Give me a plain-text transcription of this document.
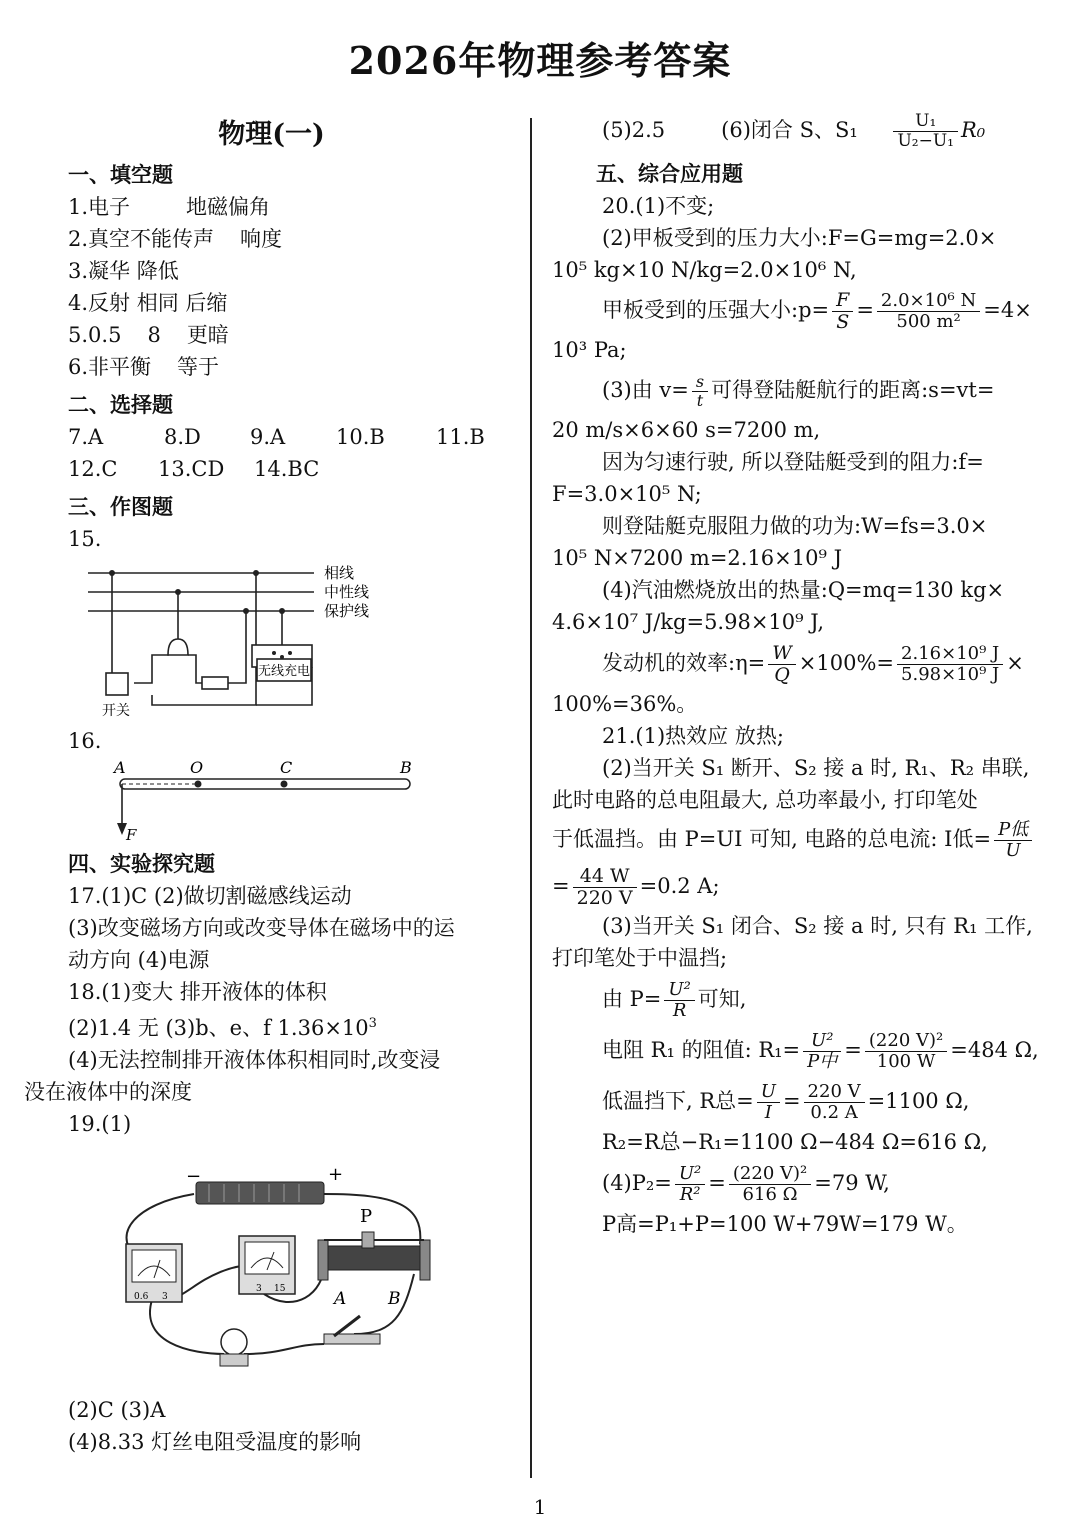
2026年物理参考答案
物理(一)
一、填空题
1.电子	地磁偏角
2.真空不能传声 响度
3.凝华 降低
4.反射 相同 后缩
5.0.5 8 更暗
6.非平衡 等于
二、选择题
7.A	8.D 9.A 10.B 11.B
12.C 13.CD 14.BC
三、作图题
15.
相线
中性线
保护线
开关
无线充电
16.
A	O	C	B
F
四、实验探究题
17.(1)C (2)做切割磁感线运动
(3)改变磁场方向或改变导体在磁场中的运
动方向 (4)电源
18.(1)变大 排开液体的体积
(2)1.4 无 (3)b、e、f $1.36\times 10^3$
(4)无法控制排开液体体积相同时,改变浸
没在液体中的深度
19.(1)
−	+
0.6 3
3 15
P
A B
(2)C (3)A
(4)8.33 灯丝电阻受温度的影响
(5)2.5	(6)闭合 S、$S_1 \frac{\text{U₁}}{\text{U₂−U₁}} R_0$
五、综合应用题
20.(1)不变;
(2)甲板受到的压力大小:F=G=mg=2.0×
10⁵ kg×10 N/kg=2.0×10⁶ N,
甲板受到的压强大小:p= $\frac{F}{S} = \frac{\text{2.0×10⁶ N}}{\text{500 m²}} =4\times$
10³ Pa;
(3)由 $v= \frac{s}{t}$ 可得登陆艇航行的距离:s=vt=
20 m/s×6×60 s=7200 m,
因为匀速行驶, 所以登陆艇受到的阻力:f=
F=3.0×10⁵ N;
则登陆艇克服阻力做的功为:W=fs=3.0×
10⁵ N×7200 m=2.16×10⁹ J
(4)汽油燃烧放出的热量:Q=mq=130 kg×
4.6×10⁷ J/kg=5.98×10⁹ J,
发动机的效率:η= $\frac{W}{Q} \times 100\%= \frac{\text{2.16×10⁹ J}}{\text{5.98×10⁹ J}}$ ×
100%=36%。
21.(1)热效应 放热;
(2)当开关 S₁ 断开、S₂ 接 a 时, R₁、R₂ 串联,
此时电路的总电阻最大, 总功率最小, 打印笔处
于低温挡。由 P=UI 可知, 电路的总电流: I低= $\frac{\text{P低}}{U}$
= $\frac{44 W}{220 V} =0.2$ A;
(3)当开关 S₁ 闭合、S₂ 接 a 时, 只有 R₁ 工作,
打印笔处于中温挡;
由 $P= \frac{\text{U²}}{R}$ 可知,
电阻 R₁ 的阻值: $R_1= \frac{\text{U²}}{\text{P中}} = \frac{\text{(220 V)²}}{100 W} =484$ Ω,
低温挡下, R总= $\frac{U}{I} = \frac{220 V}{0.2 A} =1100$ Ω,
R₂=R总−R₁=1100 Ω−484 Ω=616 Ω,
$(4)P_2= \frac{\text{U²}}{\text{R²}} = \frac{\text{(220 V)²}}{616 \Omega} =79$ W,
P高=P₁+P=100 W+79W=179 W。
1
